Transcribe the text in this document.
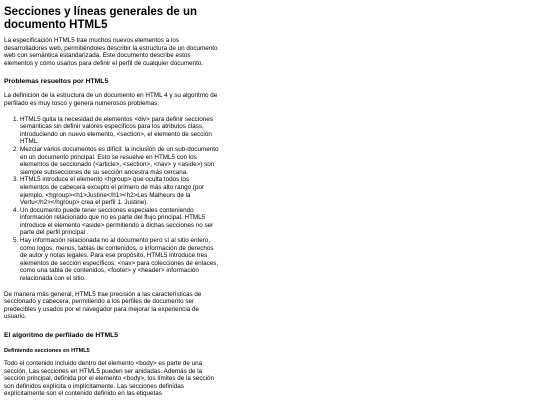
Secciones y líneas generales de un documento HTML5

La especificación HTML5 trae muchos nuevos elementos a los desarrolladores web, permitiéndoles describir la estructura de un documento web con semántica estandarizada. Este documento describe estos elementos y cómo usarlos para definir el perfil de cualquier documento.

Problemas resueltos por HTML5

La definición de la estructura de un documento en HTML 4 y su algoritmo de perfilado es muy tosco y genera numerosos problemas:

1. HTML5 quita la necesidad de elementos <div> para definir secciones semánticas sin definir valores específicos para los atributos class, introduciendo un nuevo elemento, <section>, el elemento de sección HTML.
2. Mezclar varios documentos es difícil: la inclusión de un sub-documento en un documento principal. Esto se resuelve en HTML5 con los elementos de seccionado (<article>, <section>, <nav> y <aside>) son siempre subsecciones de su sección ancestra más cercana.
3. HTML5 introduce el elemento <hgroup> que oculta todos los elementos de cabecera excepto el primero de más alto rango (por ejemplo, <hgroup><h1>Justine</h1><h2>Les Malheurs de la Vertu</h2></hgroup> crea el perfil 1. Justine).
4. Un documento puede tener secciones especiales conteniendo información relacionado que no es parte del flujo principal. HTML5 introduce el elemento <aside> permitiendo a dichas secciones no ser parte del perfil principal .
5. Hay información relacionada no al documento pero sí al sitio entero, como logos, menús, tablas de contenidos, o información de derechos de autor y notas legales. Para ese propósito, HTML5 introduce tres elementos de sección específicos: <nav> para colecciones de enlaces, como una tabla de contenidos, <footer> y <header> información relacionada con el sitio.

De manera más general, HTML5 trae precisión a las características de seccionado y cabecera, permitiendo a los perfiles de documento ser predecibles y usados por el navegador para mejorar la experiencia de usuario.

El algoritmo de perfilado de HTML5
Definiendo secciones en HTML5

Todo el contenido incluido dentro del elemento <body> es parte de una sección. Las secciones en HTML5 pueden ser anidadas. Además de la sección principal, definida por el elemento <body>, los límites de la sección son definidos explícita o implícitamente. Las secciones definidas explícitamente son el contenido definido en las etiquetas
